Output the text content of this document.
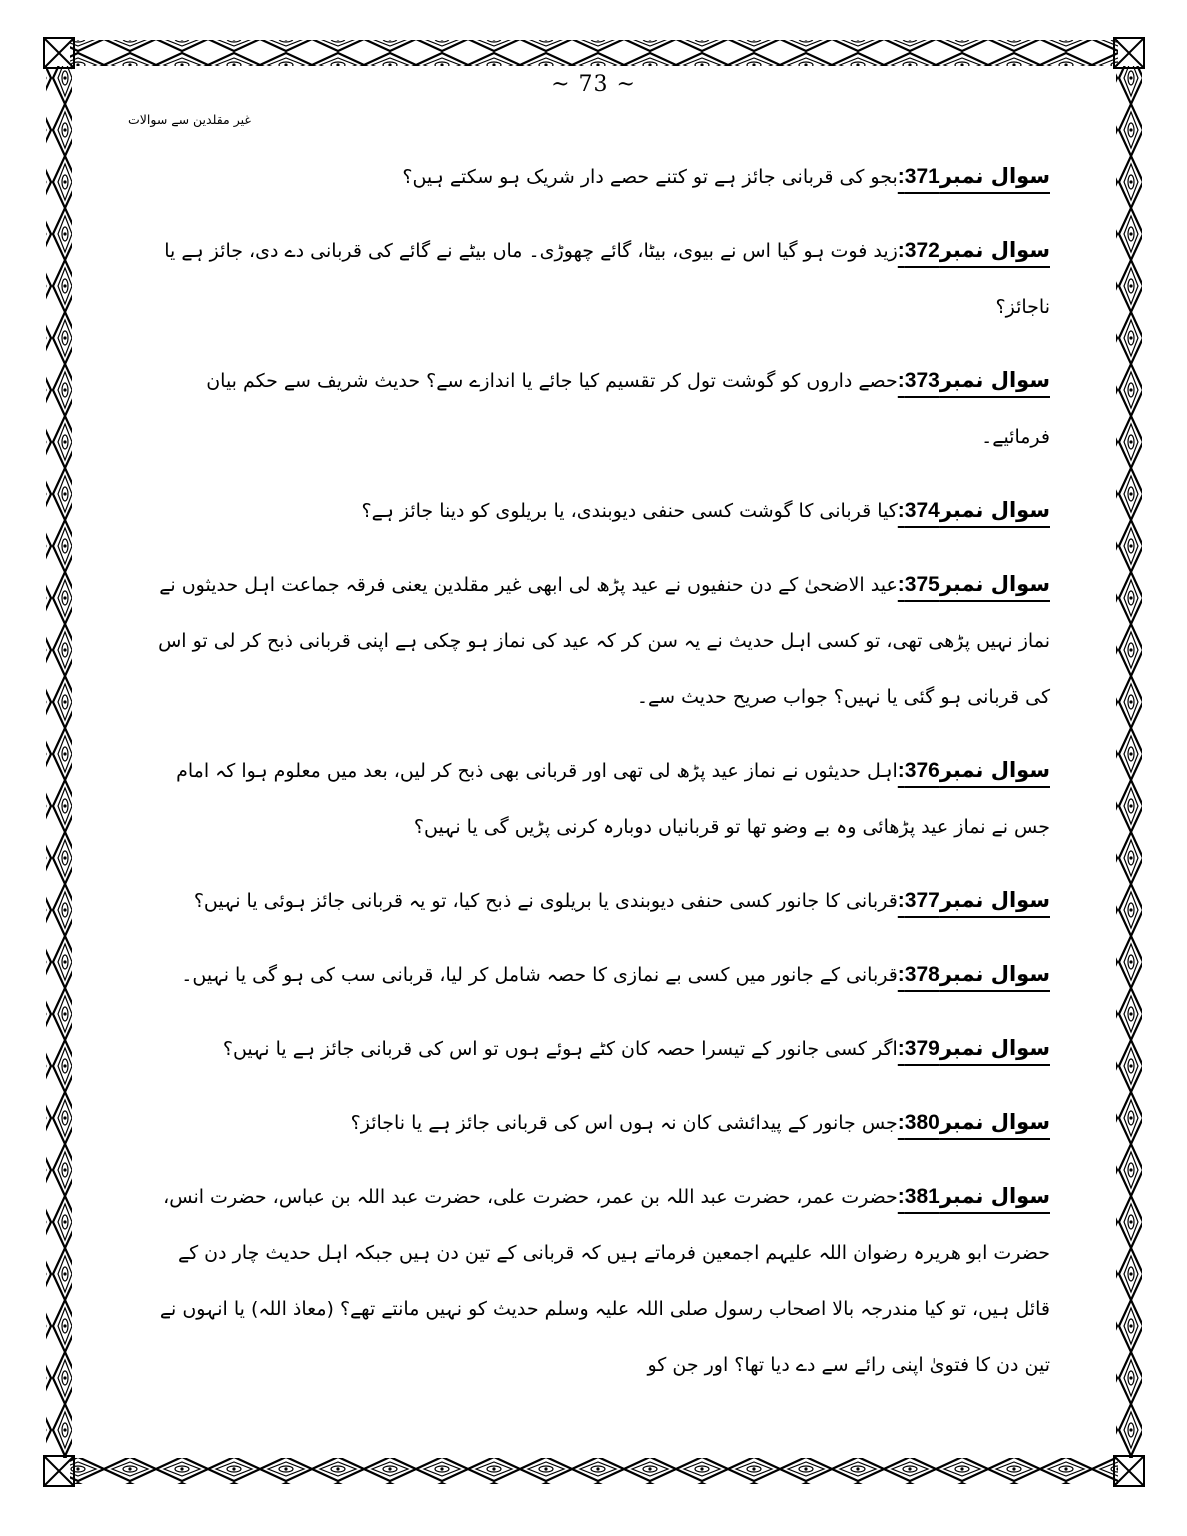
~ 73 ~
غیر مقلدین سے سوالات

سوال نمبر371:بجو کی قربانی جائز ہے تو کتنے حصے دار شریک ہو سکتے ہیں؟

سوال نمبر372:زید فوت ہو گیا اس نے بیوی، بیٹا، گائے چھوڑی۔ ماں بیٹے نے گائے کی قربانی دے دی، جائز ہے یا ناجائز؟

سوال نمبر373:حصے داروں کو گوشت تول کر تقسیم کیا جائے یا اندازے سے؟ حدیث شریف سے حکم بیان فرمائیے۔

سوال نمبر374:کیا قربانی کا گوشت کسی حنفی دیوبندی، یا بریلوی کو دینا جائز ہے؟

سوال نمبر375:عید الاضحیٰ کے دن حنفیوں نے عید پڑھ لی ابھی غیر مقلدین یعنی فرقہ جماعت اہل حدیثوں نے نماز نہیں پڑھی تھی، تو کسی اہل حدیث نے یہ سن کر کہ عید کی نماز ہو چکی ہے اپنی قربانی ذبح کر لی تو اس کی قربانی ہو گئی یا نہیں؟ جواب صریح حدیث سے۔

سوال نمبر376:اہل حدیثوں نے نماز عید پڑھ لی تھی اور قربانی بھی ذبح کر لیں، بعد میں معلوم ہوا کہ امام جس نے نماز عید پڑھائی وہ بے وضو تھا تو قربانیاں دوبارہ کرنی پڑیں گی یا نہیں؟

سوال نمبر377:قربانی کا جانور کسی حنفی دیوبندی یا بریلوی نے ذبح کیا، تو یہ قربانی جائز ہوئی یا نہیں؟

سوال نمبر378:قربانی کے جانور میں کسی بے نمازی کا حصہ شامل کر لیا، قربانی سب کی ہو گی یا نہیں۔

سوال نمبر379:اگر کسی جانور کے تیسرا حصہ کان کٹے ہوئے ہوں تو اس کی قربانی جائز ہے یا نہیں؟

سوال نمبر380:جس جانور کے پیدائشی کان نہ ہوں اس کی قربانی جائز ہے یا ناجائز؟

سوال نمبر381:حضرت عمر، حضرت عبد اللہ بن عمر، حضرت علی، حضرت عبد اللہ بن عباس، حضرت انس، حضرت ابو ھریرہ رضوان اللہ علیہم اجمعین فرماتے ہیں کہ قربانی کے تین دن ہیں جبکہ اہل حدیث چار دن کے قائل ہیں، تو کیا مندرجہ بالا اصحاب رسول صلی اللہ علیہ وسلم حدیث کو نہیں مانتے تھے؟ (معاذ اللہ) یا انہوں نے تین دن کا فتویٰ اپنی رائے سے دے دیا تھا؟ اور جن کو
